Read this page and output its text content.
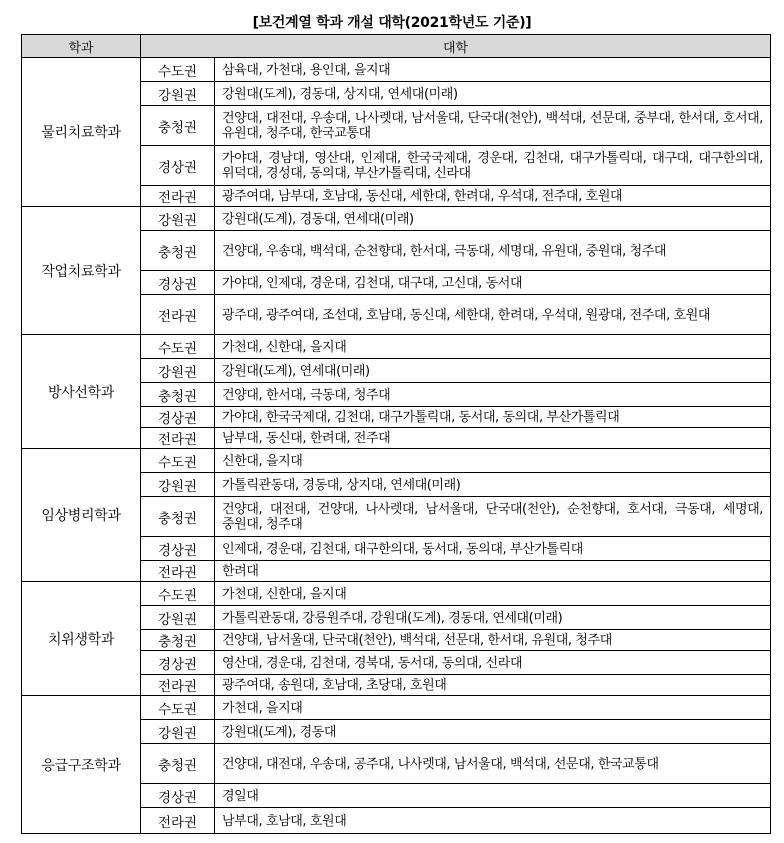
[보건계열 학과 개설 대학(2021학년도 기준)]
학과	대학	
물리치료학과	수도권	삼육대, 가천대, 용인대, 을지대
	강원권	강원대(도계), 경동대, 상지대, 연세대(미래)
	충청권	건양대, 대전대, 우송대, 나사렛대, 남서울대, 단국대(천안), 백석대, 선문대, 중부대, 한서대, 호서대, 유원대, 청주대, 한국교통대
	경상권	가야대, 경남대, 영산대, 인제대, 한국국제대, 경운대, 김천대, 대구가톨릭대, 대구대, 대구한의대, 위덕대, 경성대, 동의대, 부산가톨릭대, 신라대
	전라권	광주여대, 남부대, 호남대, 동신대, 세한대, 한려대, 우석대, 전주대, 호원대
작업치료학과	강원권	강원대(도계), 경동대, 연세대(미래)
	충청권	건양대, 우송대, 백석대, 순천향대, 한서대, 극동대, 세명대, 유원대, 중원대, 청주대
	경상권	가야대, 인제대, 경운대, 김천대, 대구대, 고신대, 동서대
	전라권	광주대, 광주여대, 조선대, 호남대, 동신대, 세한대, 한려대, 우석대, 원광대, 전주대, 호원대
방사선학과	수도권	가천대, 신한대, 을지대
	강원권	강원대(도계), 연세대(미래)
	충청권	건양대, 한서대, 극동대, 청주대
	경상권	가야대, 한국국제대, 김천대, 대구가톨릭대, 동서대, 동의대, 부산가톨릭대
	전라권	남부대, 동신대, 한려대, 전주대
임상병리학과	수도권	신한대, 을지대
	강원권	가톨릭관동대, 경동대, 상지대, 연세대(미래)
	충청권	건양대, 대전대, 건양대, 나사렛대, 남서울대, 단국대(천안), 순천향대, 호서대, 극동대, 세명대, 중원대, 청주대
	경상권	인제대, 경운대, 김천대, 대구한의대, 동서대, 동의대, 부산가톨릭대
	전라권	한려대
치위생학과	수도권	가천대, 신한대, 을지대
	강원권	가톨릭관동대, 강릉원주대, 강원대(도계), 경동대, 연세대(미래)
	충청권	건양대, 남서울대, 단국대(천안), 백석대, 선문대, 한서대, 유원대, 청주대
	경상권	영산대, 경운대, 김천대, 경북대, 동서대, 동의대, 신라대
	전라권	광주여대, 송원대, 호남대, 초당대, 호원대
응급구조학과	수도권	가천대, 을지대
	강원권	강원대(도계), 경동대
	충청권	건양대, 대전대, 우송대, 공주대, 나사렛대, 남서울대, 백석대, 선문대, 한국교통대
	경상권	경일대
	전라권	남부대, 호남대, 호원대
